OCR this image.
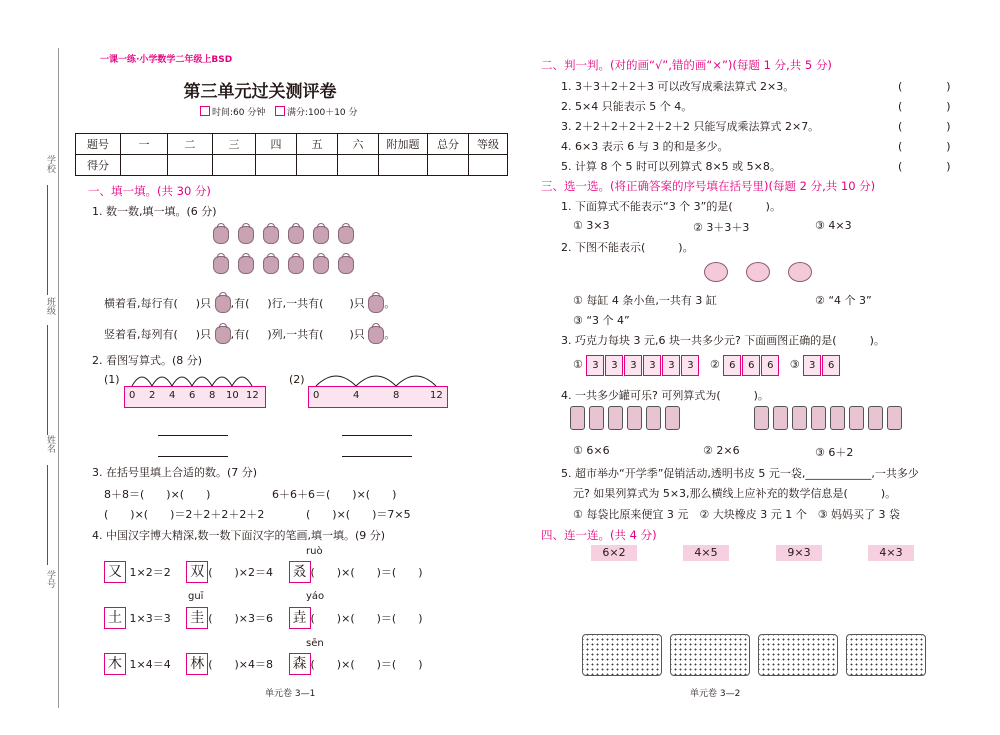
学校
班级
姓名
学号
一课一练·小学数学二年级上BSD
第三单元过关测评卷
时间:60 分钟	满分:100＋10 分
题号	一	二	三	四	五	六	附加题	总分	等级
得分									
一、填一填。(共 30 分)
1. 数一数,填一填。(6 分)
横着看,每行有( )只 ,有( )行,一共有( )只 。
竖着看,每列有( )只 ,有( )列,一共有( )只 。
2. 看图写算式。(8 分)
(1)	(2)
0 2 4 6 8 10 12	0	4	8	12
3. 在括号里填上合适的数。(7 分)
8＋8＝(　　)×(　　)	6＋6＋6＝(　　)×(　　)
(　　)×(　　)＝2＋2＋2＋2＋2	(　　)×(　　)＝7×5
4. 中国汉字博大精深,数一数下面汉字的笔画,填一填。(9 分)
ruò
又 1×2＝2 双 (　　)×2＝4 叒 (　　)×(　　)＝(　　)
guī	yáo
土 1×3＝3 圭 (　　)×3＝6 垚 (　　)×(　　)＝(　　)
sēn
木 1×4＝4 林 (　　)×4＝8 森 (　　)×(　　)＝(　　)
单元卷 3—1
二、判一判。(对的画“√”,错的画“×”)(每题 1 分,共 5 分)
1. 3＋3＋2＋2＋3 可以改写成乘法算式 2×3。
2. 5×4 只能表示 5 个 4。
3. 2＋2＋2＋2＋2＋2＋2 只能写成乘法算式 2×7。
4. 6×3 表示 6 与 3 的和是多少。
5. 计算 8 个 5 时可以列算式 8×5 或 5×8。
(　　　　)
(　　　　)
(　　　　)
(　　　　)
(　　　　)
三、选一选。(将正确答案的序号填在括号里)(每题 2 分,共 10 分)
1. 下面算式不能表示“3 个 3”的是(　　　)。
① 3×3	② 3＋3＋3	③ 4×3
2. 下图不能表示(　　　)。
① 每缸 4 条小鱼,一共有 3 缸	② “4 个 3”
③ “3 个 4”
3. 巧克力每块 3 元,6 块一共多少元? 下面画图正确的是(　　　)。
① 3 3 3 3 3 3 ② 6 6 6 ③ 3 6
4. 一共多少罐可乐? 可列算式为(　　　)。
① 6×6	② 2×6	③ 6＋2
5. 超市举办“开学季”促销活动,透明书皮 5 元一袋,____________,一共多少
元? 如果列算式为 5×3,那么横线上应补充的数学信息是(　　　)。
① 每袋比原来便宜 3 元　② 大块橡皮 3 元 1 个　③ 妈妈买了 3 袋
四、连一连。(共 4 分)
6×2	4×5	9×3	4×3
单元卷 3—2
